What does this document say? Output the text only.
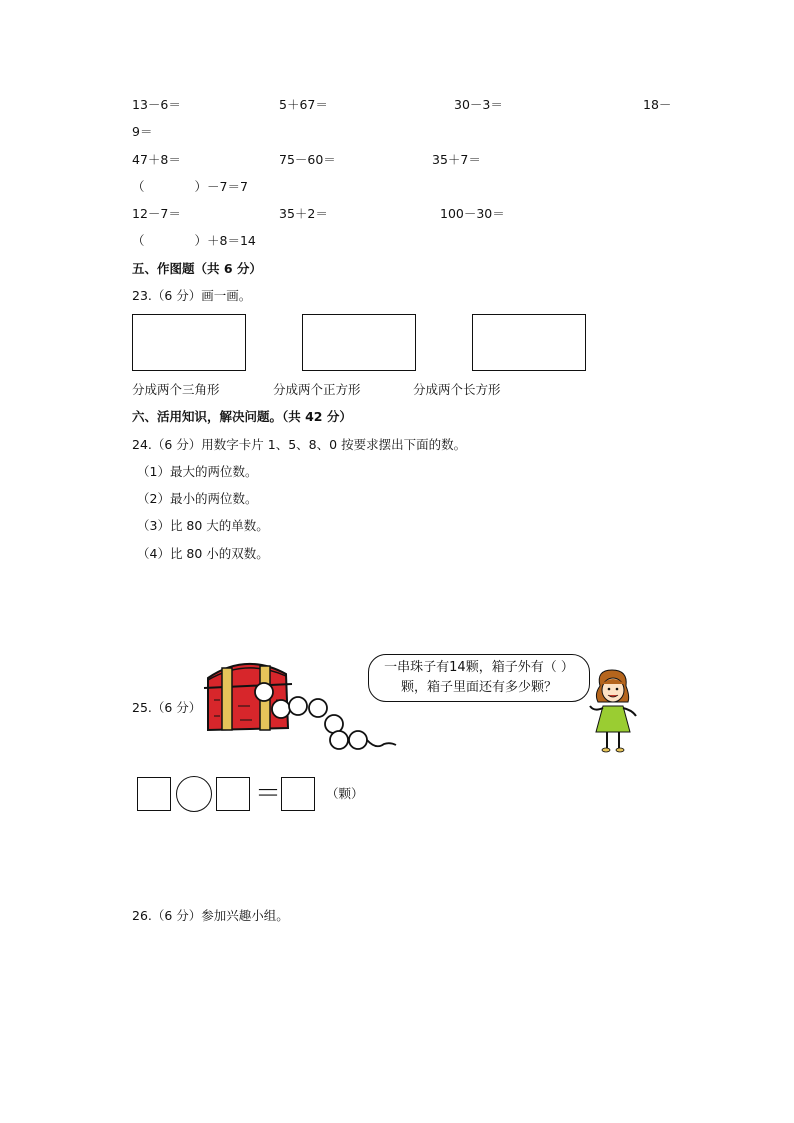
13－6＝	5＋67＝	30－3＝	18－
9＝
47＋8＝	75－60＝	35＋7＝
（　　　　）－7＝7
12－7＝	35＋2＝	100－30＝
（　　　　）＋8＝14
五、作图题（共 6 分）
23.（6 分）画一画。
分成两个三角形	分成两个正方形	分成两个长方形
六、活用知识，解决问题。（共 42 分）
24.（6 分）用数字卡片 1、5、8、0 按要求摆出下面的数。
（1）最大的两位数。
（2）最小的两位数。
（3）比 80 大的单数。
（4）比 80 小的双数。
25.（6 分）
一串珠子有14颗，箱子外有（ ）
颗，箱子里面还有多少颗？
＝	（颗）
26.（6 分）参加兴趣小组。
